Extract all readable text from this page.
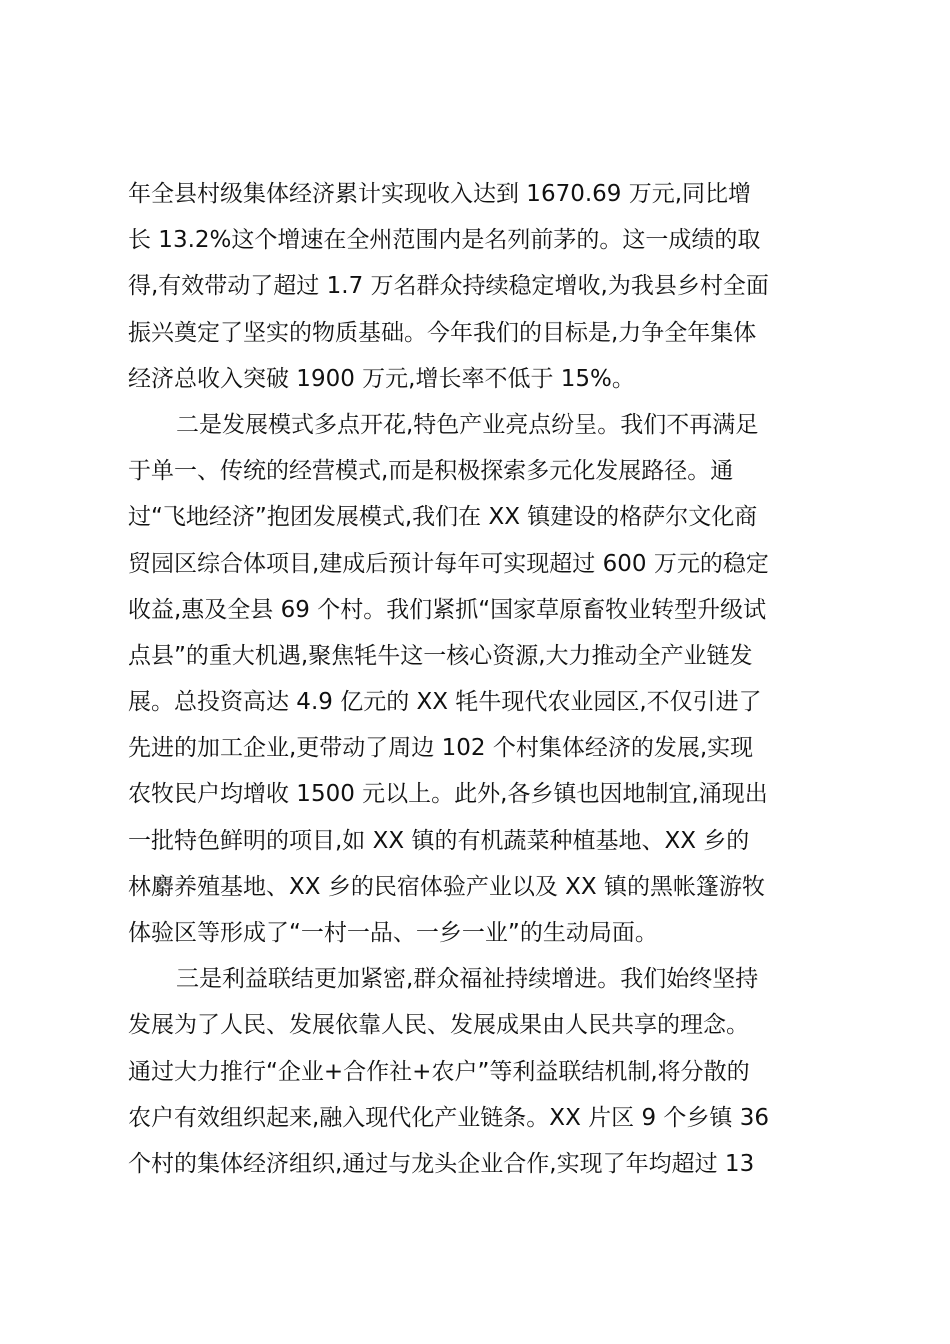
年全县村级集体经济累计实现收入达到 1670.69 万元,同比增
长 13.2%这个增速在全州范围内是名列前茅的。这一成绩的取
得,有效带动了超过 1.7 万名群众持续稳定增收,为我县乡村全面
振兴奠定了坚实的物质基础。今年我们的目标是,力争全年集体
经济总收入突破 1900 万元,增长率不低于 15%。
二是发展模式多点开花,特色产业亮点纷呈。我们不再满足
于单一、传统的经营模式,而是积极探索多元化发展路径。通
过“飞地经济”抱团发展模式,我们在 XX 镇建设的格萨尔文化商
贸园区综合体项目,建成后预计每年可实现超过 600 万元的稳定
收益,惠及全县 69 个村。我们紧抓“国家草原畜牧业转型升级试
点县”的重大机遇,聚焦牦牛这一核心资源,大力推动全产业链发
展。总投资高达 4.9 亿元的 XX 牦牛现代农业园区,不仅引进了
先进的加工企业,更带动了周边 102 个村集体经济的发展,实现
农牧民户均增收 1500 元以上。此外,各乡镇也因地制宜,涌现出
一批特色鲜明的项目,如 XX 镇的有机蔬菜种植基地、XX 乡的
林麝养殖基地、XX 乡的民宿体验产业以及 XX 镇的黑帐篷游牧
体验区等形成了“一村一品、一乡一业”的生动局面。
三是利益联结更加紧密,群众福祉持续增进。我们始终坚持
发展为了人民、发展依靠人民、发展成果由人民共享的理念。
通过大力推行“企业+合作社+农户”等利益联结机制,将分散的
农户有效组织起来,融入现代化产业链条。XX 片区 9 个乡镇 36
个村的集体经济组织,通过与龙头企业合作,实现了年均超过 13
